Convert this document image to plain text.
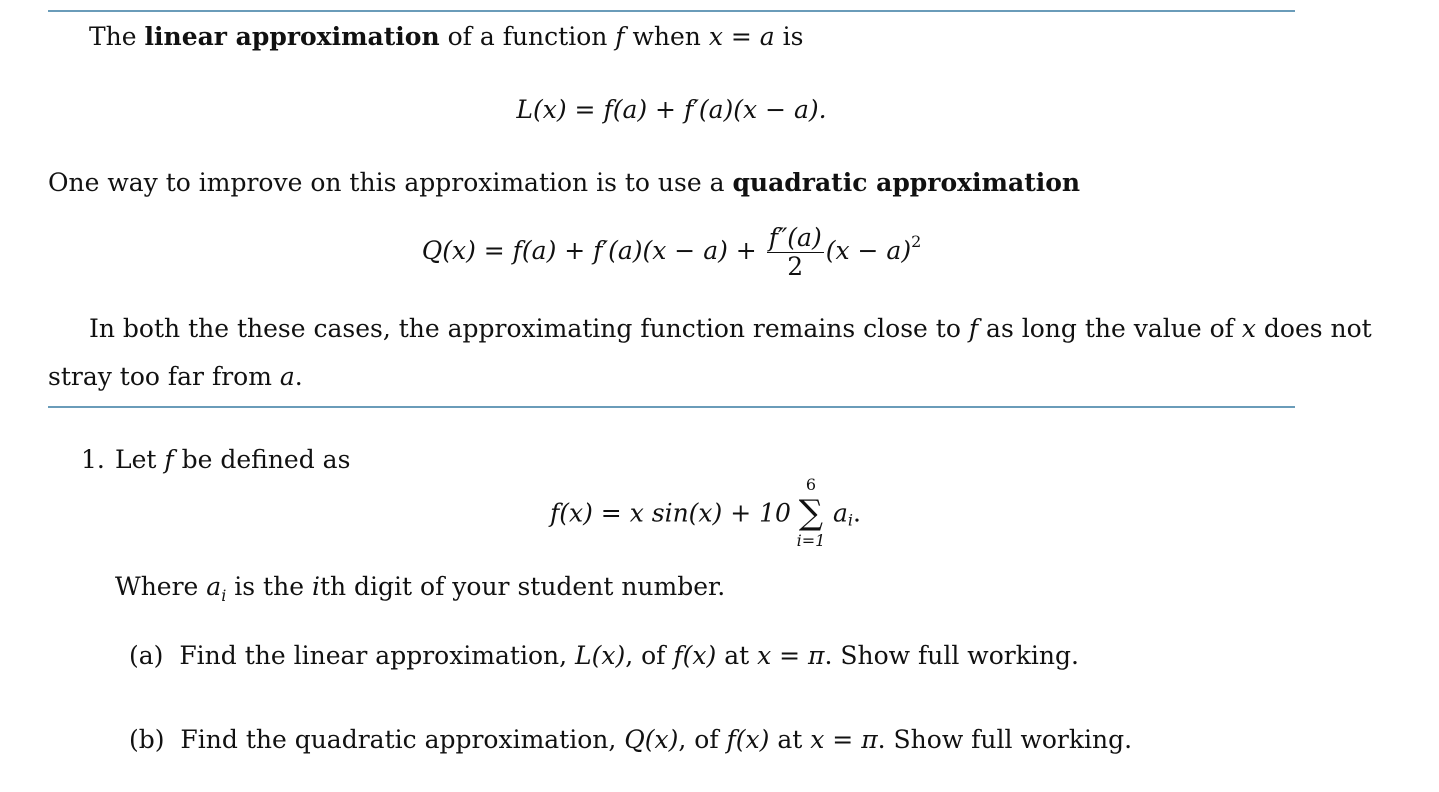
The linear approximation of a function f when x = a is
L(x) = f(a) + f′(a)(x − a).
One way to improve on this approximation is to use a quadratic approximation
$Q(x) = f(a) + f'(a)(x - a) + \frac{f''(a)}{2} (x - a)^2$
In both the these cases, the approximating function remains close to f as long the value of x does not
stray too far from a.
1. Let f be defined as
f(x) = x sin(x) + 10
6
∑
i=1
$a_i$.
Where $a_i$ is the ith digit of your student number.
(a) Find the linear approximation, L(x), of f(x) at x = π. Show full working.
(b) Find the quadratic approximation, Q(x), of f(x) at x = π. Show full working.
